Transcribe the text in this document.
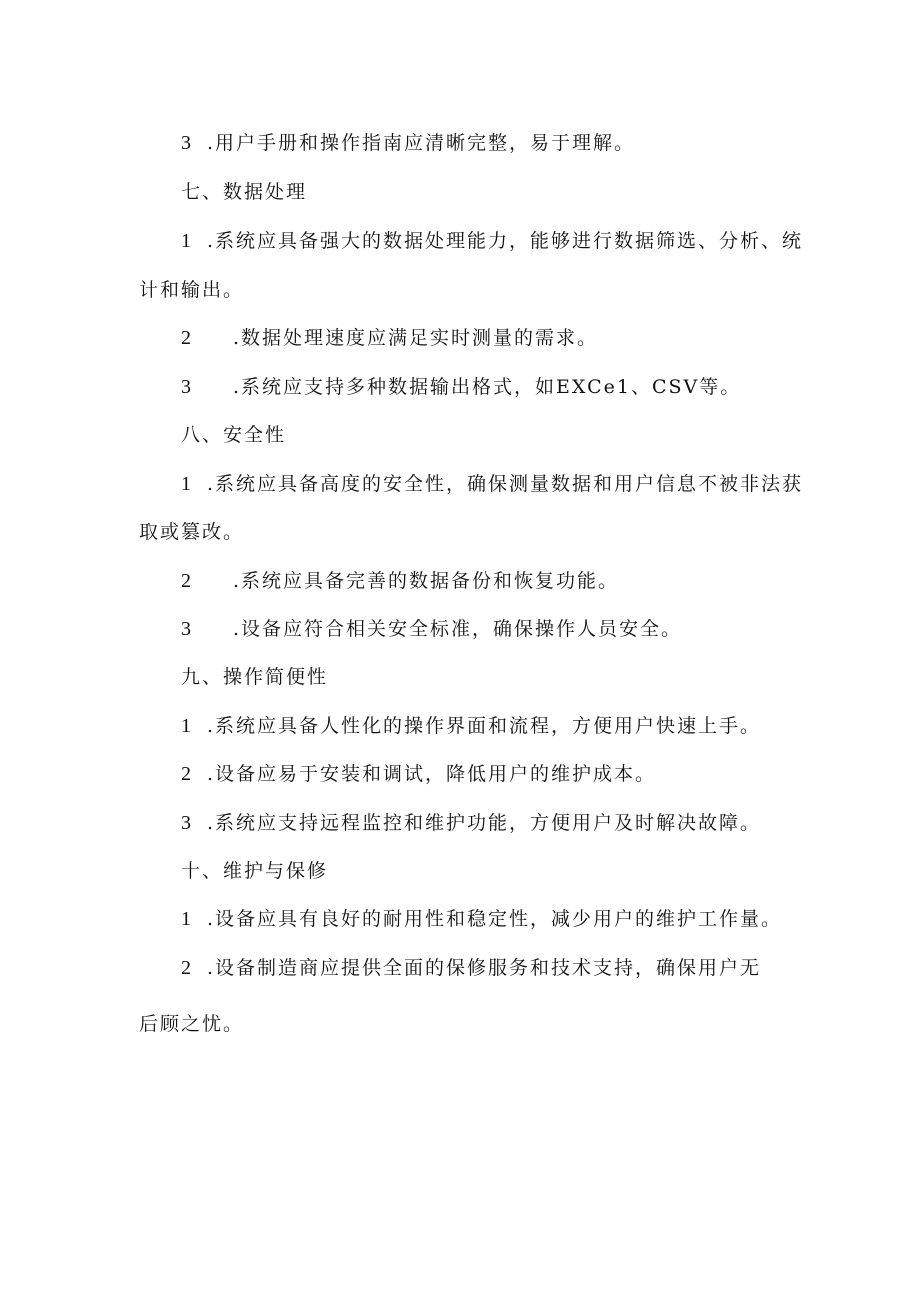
3 .用户手册和操作指南应清晰完整，易于理解。
七、数据处理
1 .系统应具备强大的数据处理能力，能够进行数据筛选、分析、统
计和输出。
2 .数据处理速度应满足实时测量的需求。
3 .系统应支持多种数据输出格式，如EXCe1、CSV等。
八、安全性
1 .系统应具备高度的安全性，确保测量数据和用户信息不被非法获
取或篡改。
2 .系统应具备完善的数据备份和恢复功能。
3 .设备应符合相关安全标准，确保操作人员安全。
九、操作简便性
1 .系统应具备人性化的操作界面和流程，方便用户快速上手。
2 .设备应易于安装和调试，降低用户的维护成本。
3 .系统应支持远程监控和维护功能，方便用户及时解决故障。
十、维护与保修
1 .设备应具有良好的耐用性和稳定性，减少用户的维护工作量。
2 .设备制造商应提供全面的保修服务和技术支持，确保用户无
后顾之忧。
